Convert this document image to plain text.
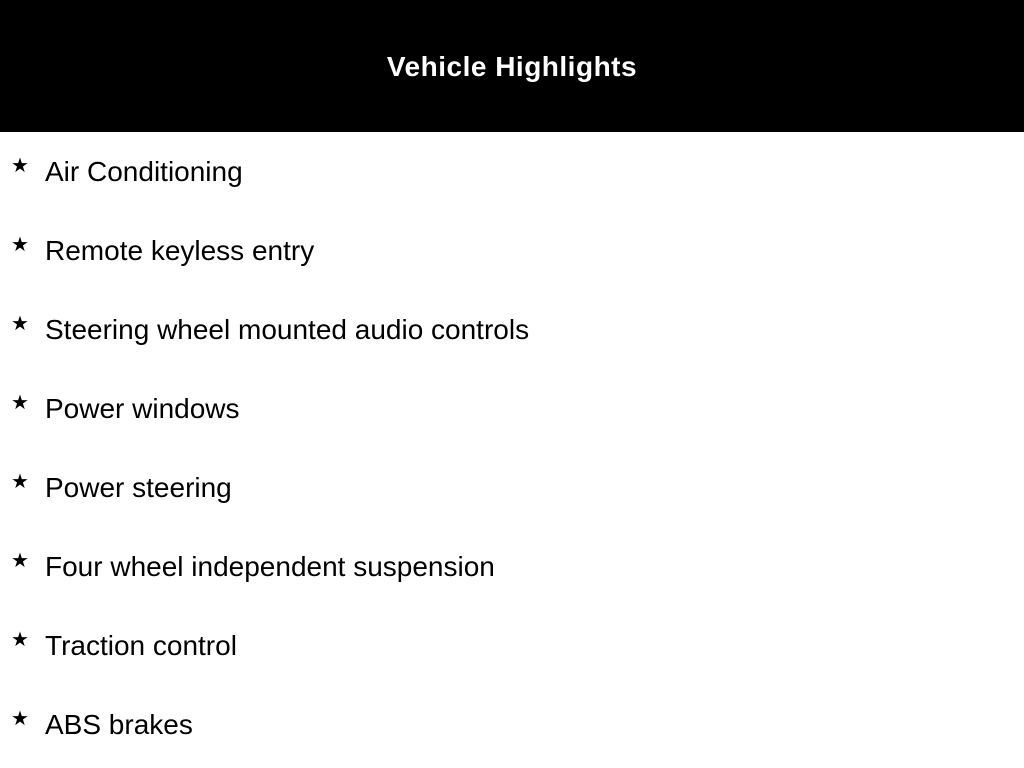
Vehicle Highlights
★ Air Conditioning
★ Remote keyless entry
★ Steering wheel mounted audio controls
★ Power windows
★ Power steering
★ Four wheel independent suspension
★ Traction control
★ ABS brakes
